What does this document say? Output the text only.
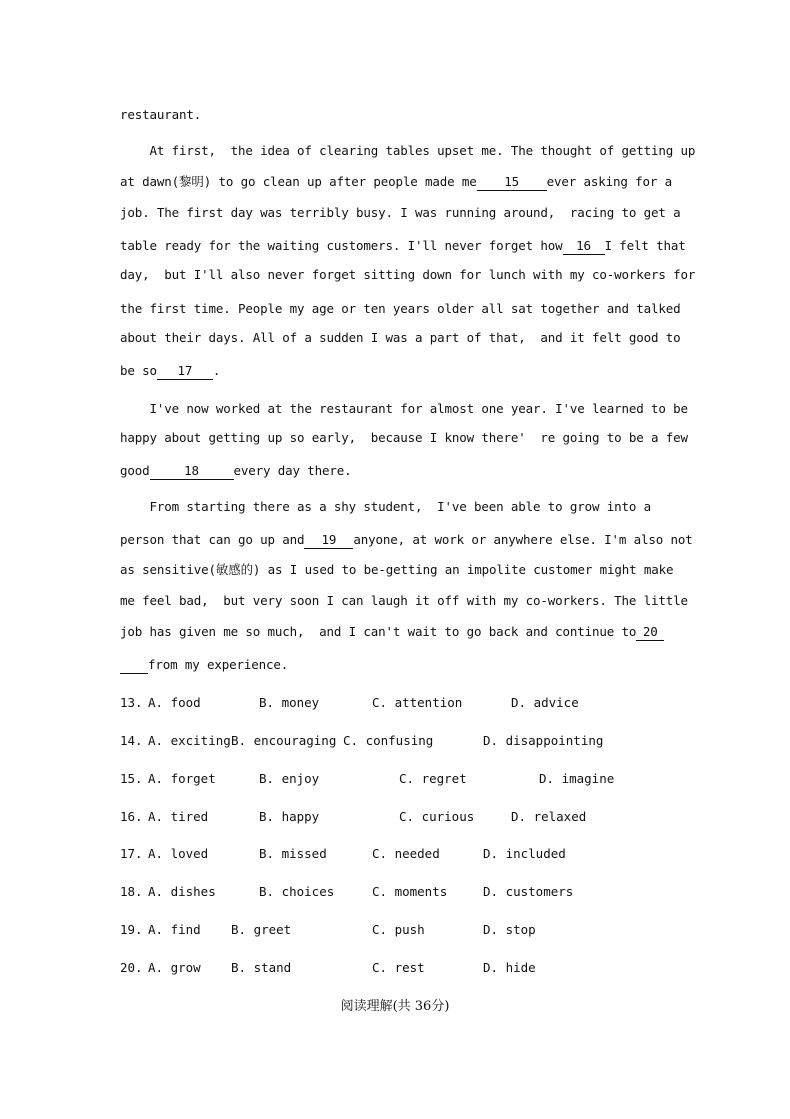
restaurant.
At first,  the idea of clearing tables upset me. The thought of getting up
at dawn(黎明) to go clean up after people made me 15 ever asking for a
job. The first day was terribly busy. I was running around,  racing to get a
table ready for the waiting customers. I'll never forget how 16 I felt that
day,  but I'll also never forget sitting down for lunch with my co-workers for
the first time. People my age or ten years older all sat together and talked
about their days. All of a sudden I was a part of that,  and it felt good to
be so 17 .
I've now worked at the restaurant for almost one year. I've learned to be
happy about getting up so early,  because I know there'  re going to be a few
good	18	every day there.
From starting there as a shy student,  I've been able to grow into a
person that can go up and 19 anyone, at work or anywhere else. I'm also not
as sensitive(敏感的) as I used to be-getting an impolite customer might make
me feel bad,  but very soon I can laugh it off with my co-workers. The little
job has given me so much,  and I can't wait to go back and continue to 20
from my experience.
13. A. food	B. money	C. attention	D. advice
14. A. exciting B. encouraging C. confusing	D. disappointing
15. A. forget	B. enjoy	C. regret	D. imagine
16. A. tired	B. happy	C. curious	D. relaxed
17. A. loved	B. missed	C. needed	D. included
18. A. dishes	B. choices	C. moments	D. customers
19. A. find B. greet	C. push	D. stop
20. A. grow B. stand	C. rest	D. hide
阅读理解(共 36分)
